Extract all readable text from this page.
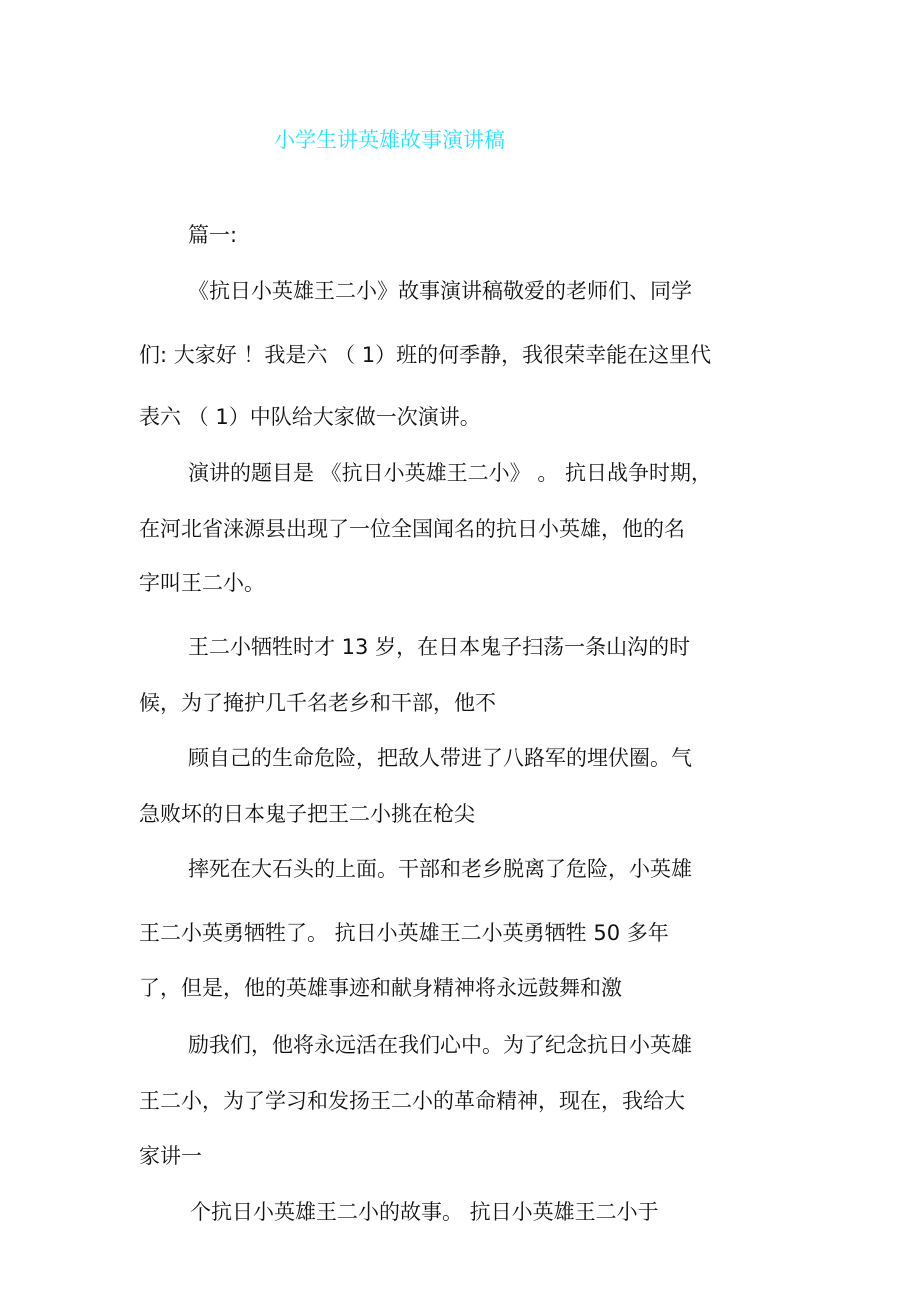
小学生讲英雄故事演讲稿
篇一:
《抗日小英雄王二小》故事演讲稿敬爱的老师们、同学
们: 大家好 ！我是六 （ 1）班的何季静，我很荣幸能在这里代
表六 （ 1）中队给大家做一次演讲。
演讲的题目是 《抗日小英雄王二小》 。 抗日战争时期，
在河北省涞源县出现了一位全国闻名的抗日小英雄，他的名
字叫王二小。
王二小牺牲时才 13 岁，在日本鬼子扫荡一条山沟的时
候，为了掩护几千名老乡和干部，他不
顾自己的生命危险，把敌人带进了八路军的埋伏圈。气
急败坏的日本鬼子把王二小挑在枪尖
摔死在大石头的上面。干部和老乡脱离了危险，小英雄
王二小英勇牺牲了。 抗日小英雄王二小英勇牺牲 50 多年
了，但是，他的英雄事迹和献身精神将永远鼓舞和激
励我们，他将永远活在我们心中。为了纪念抗日小英雄
王二小，为了学习和发扬王二小的革命精神，现在，我给大
家讲一
个抗日小英雄王二小的故事。 抗日小英雄王二小于
